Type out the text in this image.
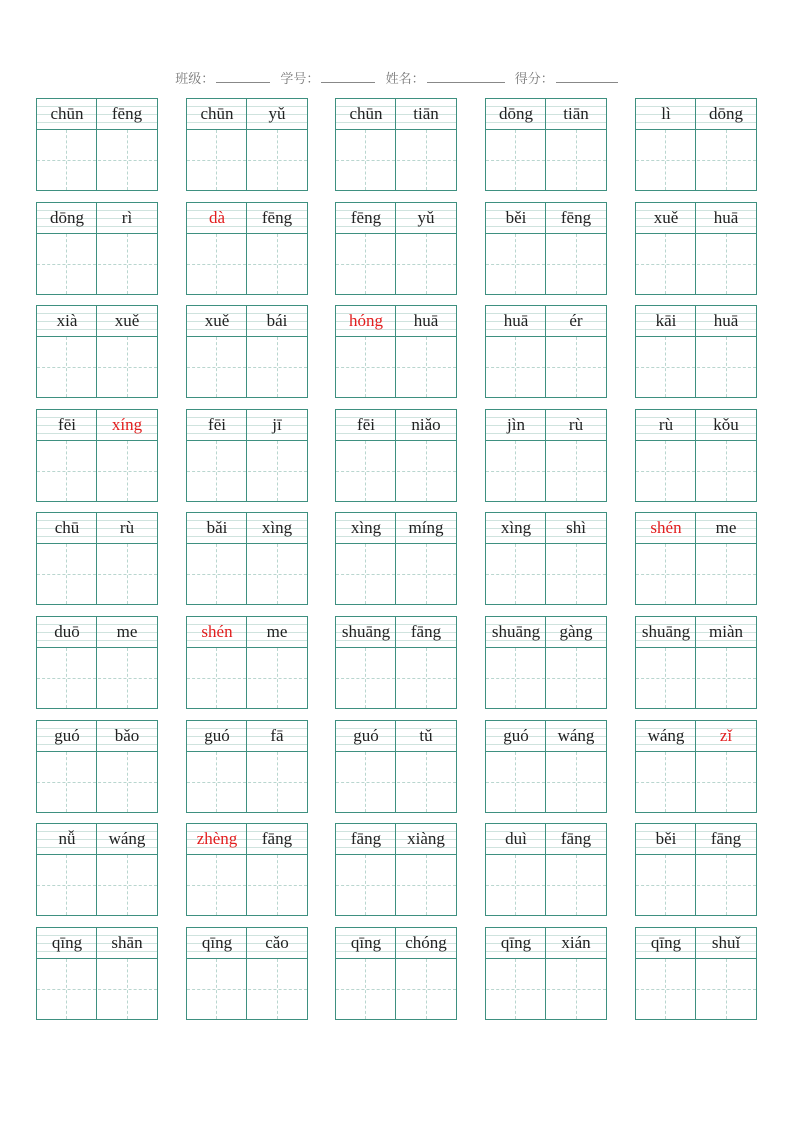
班级：	学号：	姓名：	得分：
chūn	fēng	chūn	yǔ	chūn	tiān	dōng	tiān	lì	dōng
dōng	rì	dà	fēng	fēng	yǔ	běi	fēng	xuě	huā
xià	xuě	xuě	bái	hóng	huā	huā	ér	kāi	huā
fēi	xíng	fēi	jī	fēi	niǎo	jìn	rù	rù	kǒu
chū	rù	bǎi	xìng	xìng	míng	xìng	shì	shén	me
duō	me	shén	me	shuāng	fāng	shuāng	gàng	shuāng	miàn
guó	bǎo	guó	fā	guó	tǔ	guó	wáng	wáng	zǐ
nǚ	wáng	zhèng	fāng	fāng	xiàng	duì	fāng	běi	fāng
qīng	shān	qīng	cǎo	qīng	chóng	qīng	xián	qīng	shuǐ
